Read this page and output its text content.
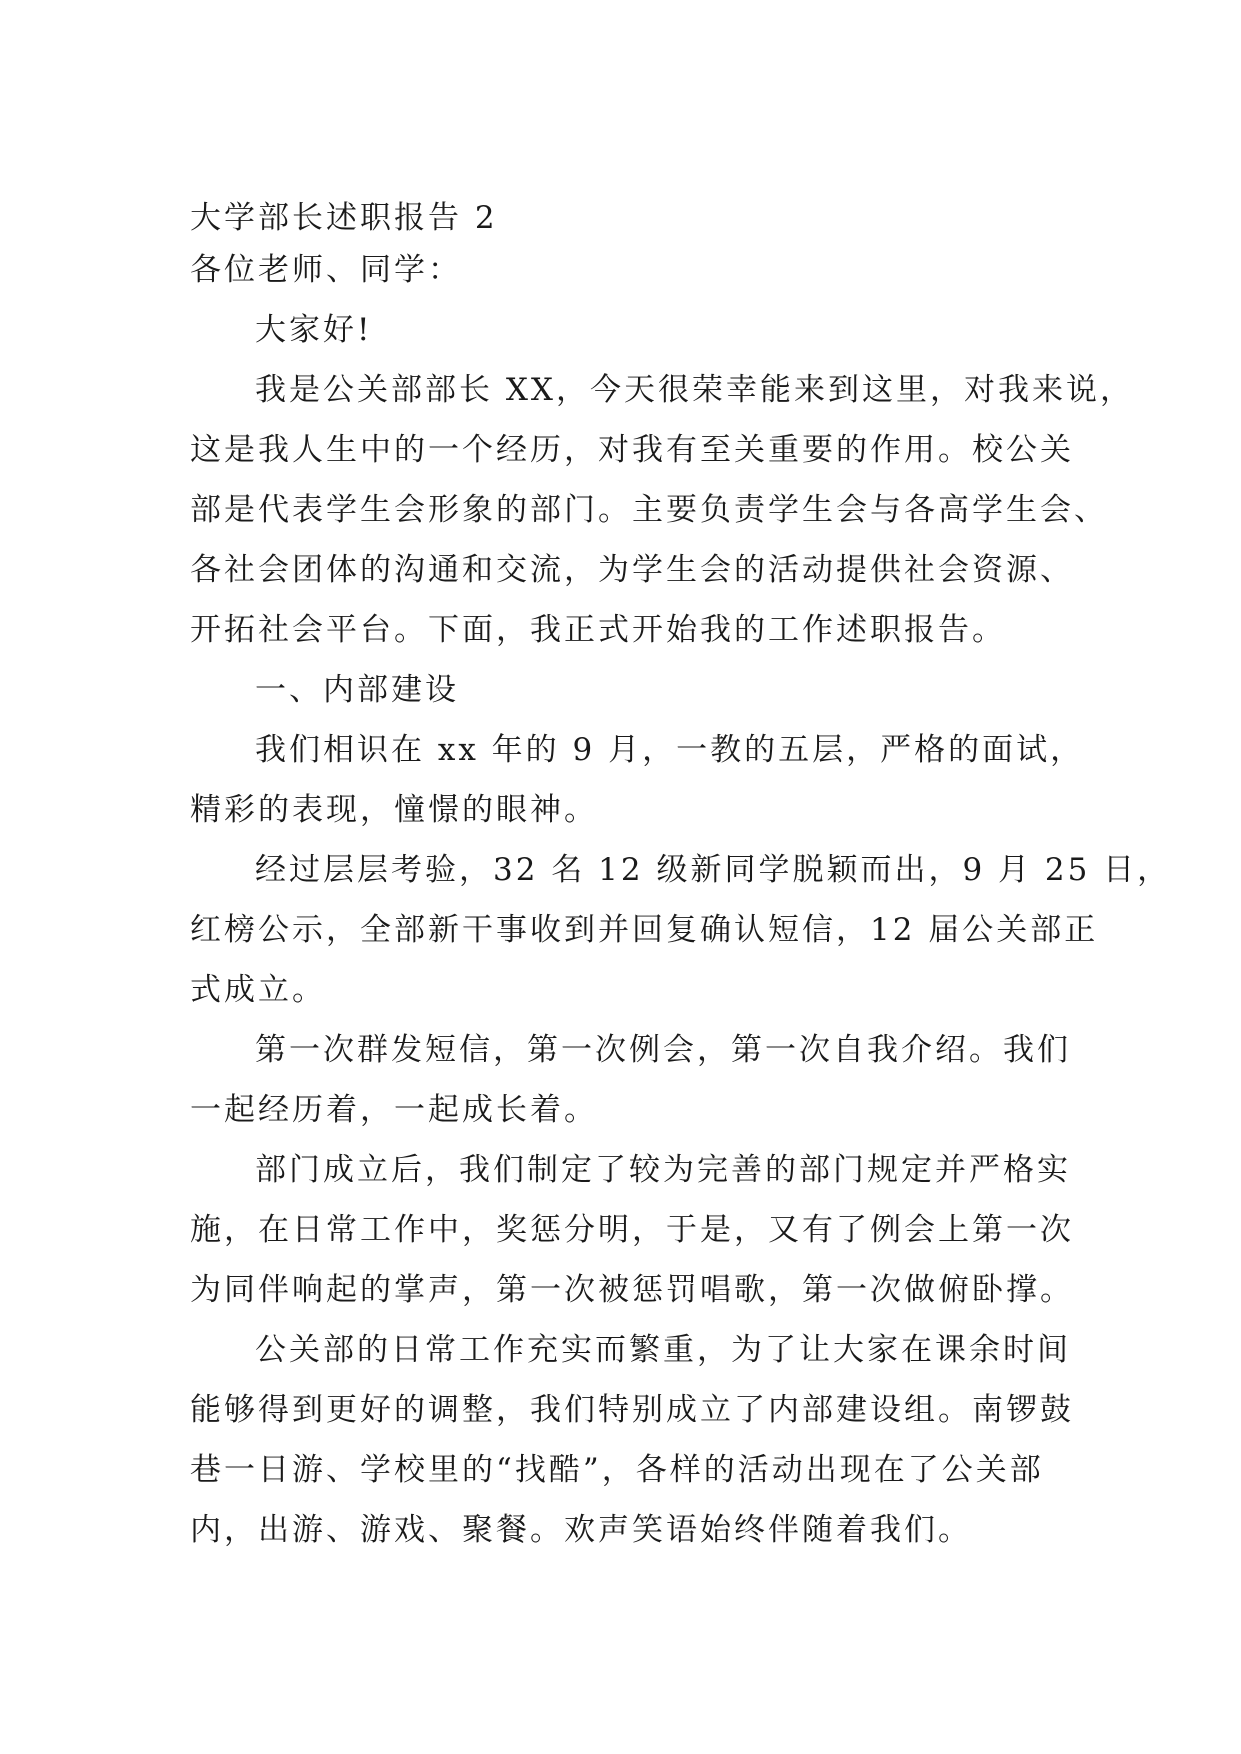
大学部长述职报告 2
各位老师、同学：
大家好!
我是公关部部长 XX，今天很荣幸能来到这里，对我来说，
这是我人生中的一个经历，对我有至关重要的作用。校公关
部是代表学生会形象的部门。主要负责学生会与各高学生会、
各社会团体的沟通和交流，为学生会的活动提供社会资源、
开拓社会平台。下面，我正式开始我的工作述职报告。
一、内部建设
我们相识在 xx 年的 9 月，一教的五层，严格的面试，
精彩的表现，憧憬的眼神。
经过层层考验，32 名 12 级新同学脱颖而出，9 月 25 日，
红榜公示，全部新干事收到并回复确认短信，12 届公关部正
式成立。
第一次群发短信，第一次例会，第一次自我介绍。我们
一起经历着，一起成长着。
部门成立后，我们制定了较为完善的部门规定并严格实
施，在日常工作中，奖惩分明，于是，又有了例会上第一次
为同伴响起的掌声，第一次被惩罚唱歌，第一次做俯卧撑。
公关部的日常工作充实而繁重，为了让大家在课余时间
能够得到更好的调整，我们特别成立了内部建设组。南锣鼓
巷一日游、学校里的“找酷”，各样的活动出现在了公关部
内，出游、游戏、聚餐。欢声笑语始终伴随着我们。
